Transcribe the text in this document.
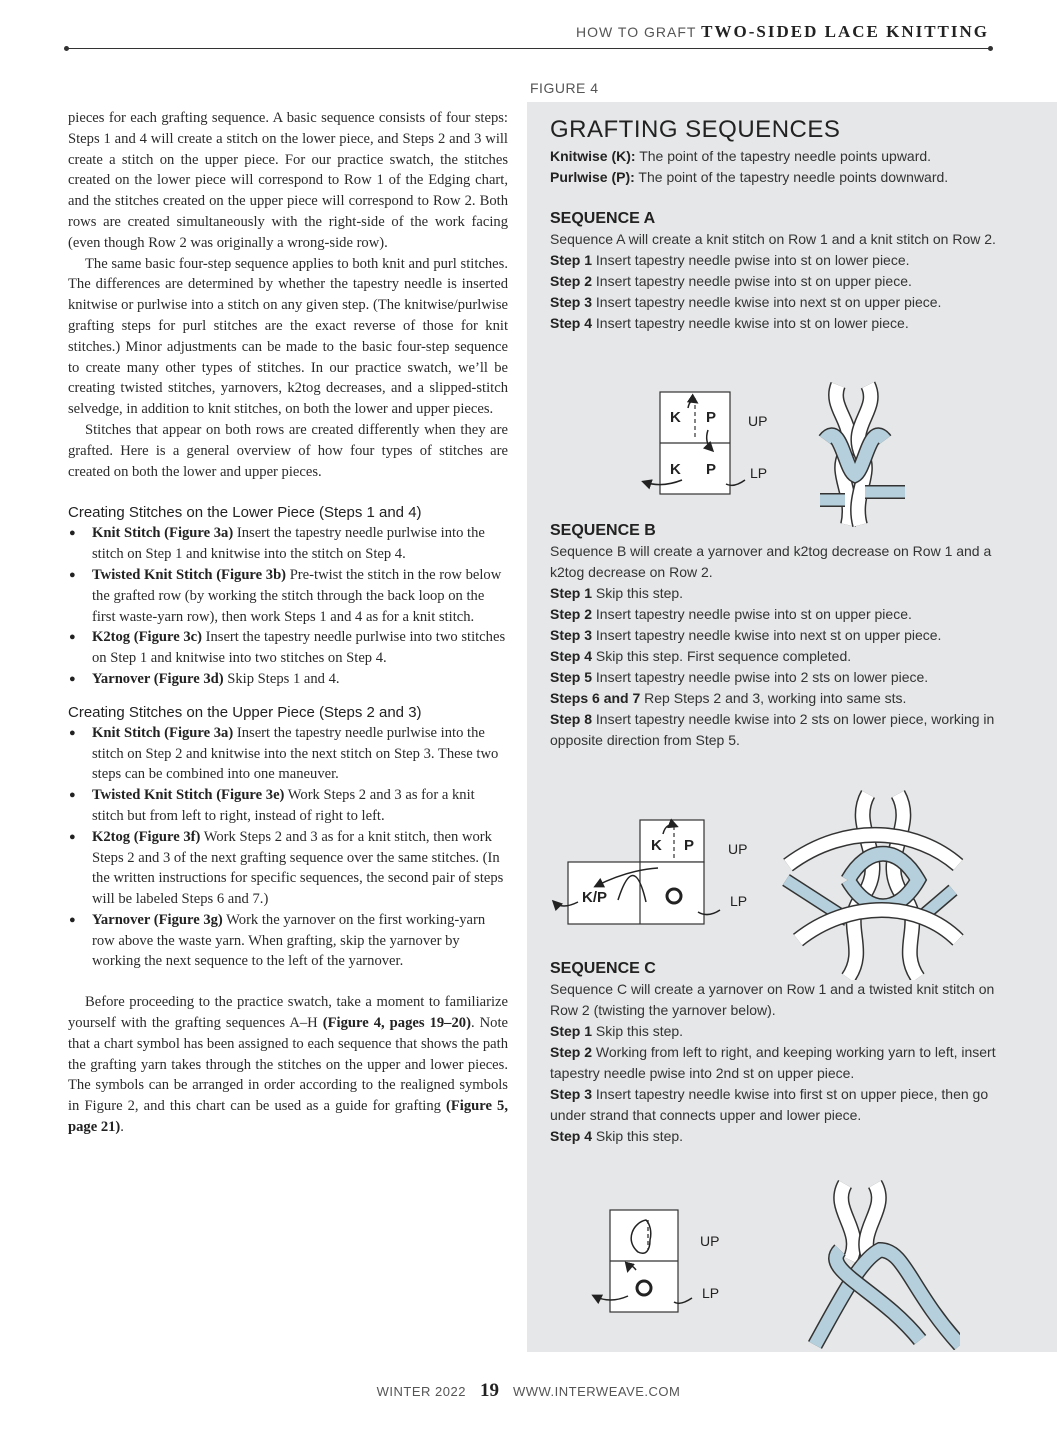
HOW TO GRAFT TWO-SIDED LACE KNITTING

pieces for each grafting sequence. A basic sequence consists of four steps: Steps 1 and 4 will create a stitch on the lower piece, and Steps 2 and 3 will create a stitch on the upper piece. For our practice swatch, the stitches created on the lower piece will correspond to Row 1 of the Edging chart, and the stitches created on the upper piece will correspond to Row 2. Both rows are created simultaneously with the right-side of the work facing (even though Row 2 was originally a wrong-side row).

The same basic four-step sequence applies to both knit and purl stitches. The differences are determined by whether the tapestry needle is inserted knitwise or purlwise into a stitch on any given step. (The knitwise/purlwise grafting steps for purl stitches are the exact reverse of those for knit stitches.) Minor adjustments can be made to the basic four-step sequence to create many other types of stitches. In our practice swatch, we’ll be creating twisted stitches, yarnovers, k2tog decreases, and a slipped-stitch selvedge, in addition to knit stitches, on both the lower and upper pieces.

Stitches that appear on both rows are created differently when they are grafted. Here is a general overview of how four types of stitches are created on both the lower and upper pieces.

Creating Stitches on the Lower Piece (Steps 1 and 4)
● Knit Stitch (Figure 3a) Insert the tapestry needle purlwise into the stitch on Step 1 and knitwise into the stitch on Step 4.
● Twisted Knit Stitch (Figure 3b) Pre-twist the stitch in the row below the grafted row (by working the stitch through the back loop on the first waste-yarn row), then work Steps 1 and 4 as for a knit stitch.
● K2tog (Figure 3c) Insert the tapestry needle purlwise into two stitches on Step 1 and knitwise into two stitches on Step 4.
● Yarnover (Figure 3d) Skip Steps 1 and 4.
Creating Stitches on the Upper Piece (Steps 2 and 3)
● Knit Stitch (Figure 3a) Insert the tapestry needle purlwise into the stitch on Step 2 and knitwise into the next stitch on Step 3. These two steps can be combined into one maneuver.
● Twisted Knit Stitch (Figure 3e) Work Steps 2 and 3 as for a knit stitch but from left to right, instead of right to left.
● K2tog (Figure 3f) Work Steps 2 and 3 as for a knit stitch, then work Steps 2 and 3 of the next grafting sequence over the same stitches. (In the written instructions for specific sequences, the second pair of steps will be labeled Steps 6 and 7.)
● Yarnover (Figure 3g) Work the yarnover on the first working-yarn row above the waste yarn. When grafting, skip the yarnover by working the next sequence to the left of the yarnover.

Before proceeding to the practice swatch, take a moment to familiarize yourself with the grafting sequences A–H (Figure 4, pages 19–20). Note that a chart symbol has been assigned to each sequence that shows the path the grafting yarn takes through the stitches on the upper and lower pieces. The symbols can be arranged in order according to the realigned symbols in Figure 2, and this chart can be used as a guide for grafting (Figure 5, page 21).

FIGURE 4
GRAFTING SEQUENCES

Knitwise (K): The point of the tapestry needle points upward.

Purlwise (P): The point of the tapestry needle points downward.

SEQUENCE A

Sequence A will create a knit stitch on Row 1 and a knit stitch on Row 2.

Step 1 Insert tapestry needle pwise into st on lower piece.

Step 2 Insert tapestry needle pwise into st on upper piece.

Step 3 Insert tapestry needle kwise into next st on upper piece.

Step 4 Insert tapestry needle kwise into st on lower piece.

SEQUENCE B

Sequence B will create a yarnover and k2tog decrease on Row 1 and a k2tog decrease on Row 2.

Step 1 Skip this step.

Step 2 Insert tapestry needle pwise into st on upper piece.

Step 3 Insert tapestry needle kwise into next st on upper piece.

Step 4 Skip this step. First sequence completed.

Step 5 Insert tapestry needle pwise into 2 sts on lower piece.

Steps 6 and 7 Rep Steps 2 and 3, working into same sts.

Step 8 Insert tapestry needle kwise into 2 sts on lower piece, working in opposite direction from Step 5.

SEQUENCE C

Sequence C will create a yarnover on Row 1 and a twisted knit stitch on Row 2 (twisting the yarnover below).

Step 1 Skip this step.

Step 2 Working from left to right, and keeping working yarn to left, insert tapestry needle pwise into 2nd st on upper piece.

Step 3 Insert tapestry needle kwise into first st on upper piece, then go under strand that connects upper and lower piece.

Step 4 Skip this step.

K P
K P
UP
LP
K P
K/P
UP
LP
UP
LP
WINTER 2022 19 WWW.INTERWEAVE.COM
